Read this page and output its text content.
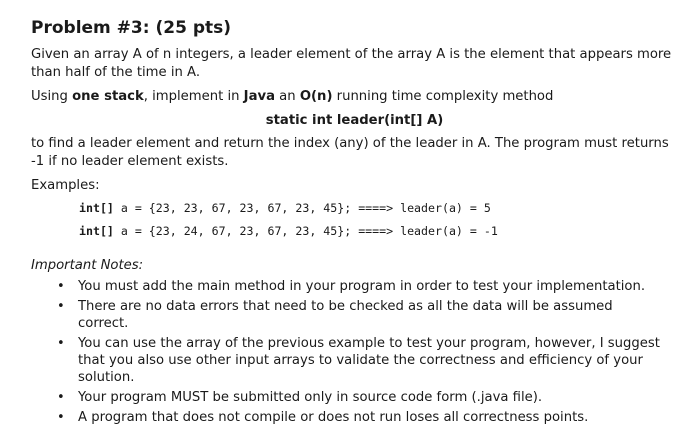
Problem #3: (25 pts)
Given an array A of n integers, a leader element of the array A is the element that appears more than half of the time in A.
Using one stack, implement in Java an O(n) running time complexity method
static int leader(int[] A)
to find a leader element and return the index (any) of the leader in A. The program must returns -1 if no leader element exists.
Examples:
int[] a = {23, 23, 67, 23, 67, 23, 45}; ====> leader(a) = 5
int[] a = {23, 24, 67, 23, 67, 23, 45}; ====> leader(a) = -1
Important Notes:
• You must add the main method in your program in order to test your implementation.
• There are no data errors that need to be checked as all the data will be assumed correct.
• You can use the array of the previous example to test your program, however, I suggest that you also use other input arrays to validate the correctness and efficiency of your solution.
• Your program MUST be submitted only in source code form (.java file).
• A program that does not compile or does not run loses all correctness points.
